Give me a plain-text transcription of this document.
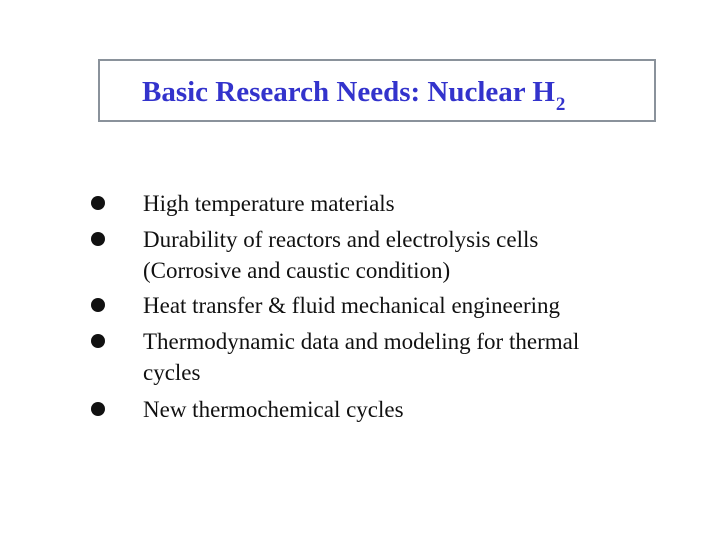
Basic Research Needs: Nuclear $H_2$

High temperature materials

Durability of reactors and electrolysis cells

(Corrosive and caustic condition)

Heat transfer & fluid mechanical engineering

Thermodynamic data and modeling for thermal

cycles

New thermochemical cycles
